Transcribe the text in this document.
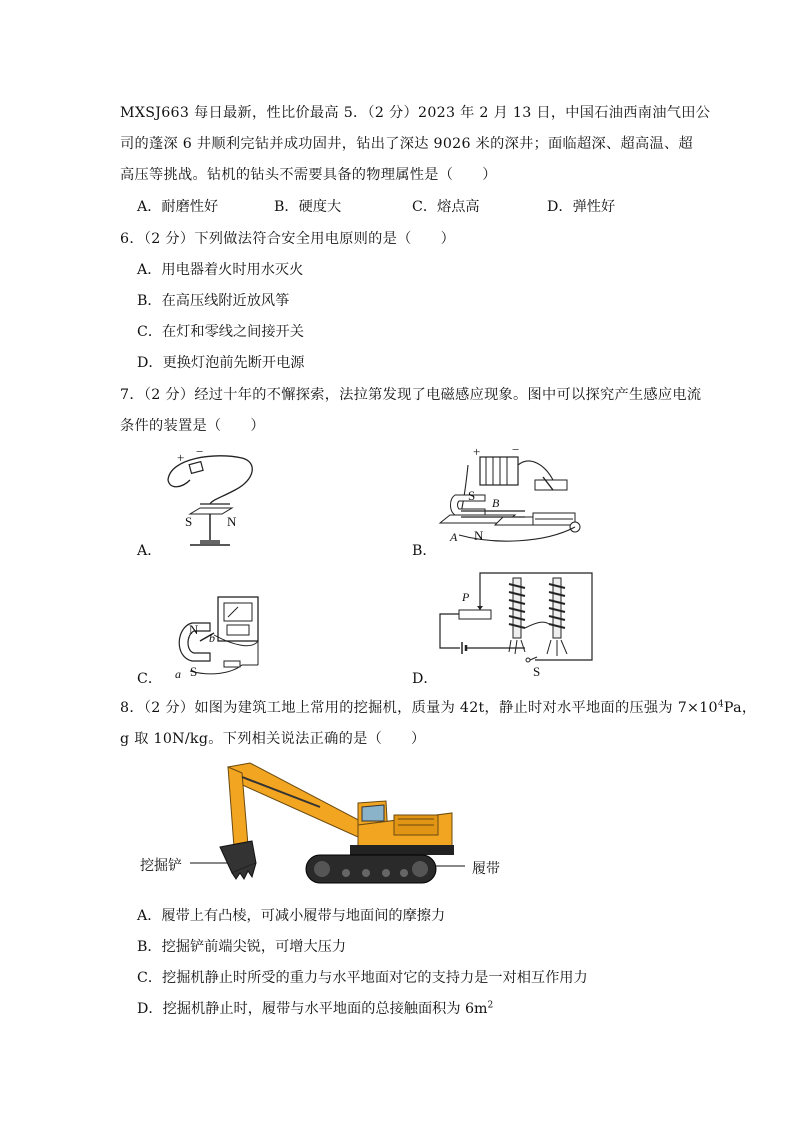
MXSJ663 每日最新，性比价最高 5．（2 分）2023 年 2 月 13 日，中国石油西南油气田公
司的蓬深 6 井顺利完钻并成功固井，钻出了深达 9026 米的深井；面临超深、超高温、超
高压等挑战。钻机的钻头不需要具备的物理属性是（　　）
A．耐磨性好	B．硬度大	C．熔点高	D．弹性好
6．（2 分）下列做法符合安全用电原则的是（　　）
A．用电器着火时用水灭火
B．在高压线附近放风筝
C．在灯和零线之间接开关
D．更换灯泡前先断开电源
7．（2 分）经过十年的不懈探索，法拉第发现了电磁感应现象。图中可以探究产生感应电流
条件的装置是（　　）
A．
+ −
S	N
B．
+ −
S B
A N
C．
N
b
a S	D．
P
S
8．（2 分）如图为建筑工地上常用的挖掘机，质量为 42t，静止时对水平地面的压强为 $7\times 10^4Pa$，
g 取 10N/kg。下列相关说法正确的是（　　）
挖掘铲	履带
A．履带上有凸棱，可减小履带与地面间的摩擦力
B．挖掘铲前端尖锐，可增大压力
C．挖掘机静止时所受的重力与水平地面对它的支持力是一对相互作用力
D．挖掘机静止时，履带与水平地面的总接触面积为 $6m^2$
